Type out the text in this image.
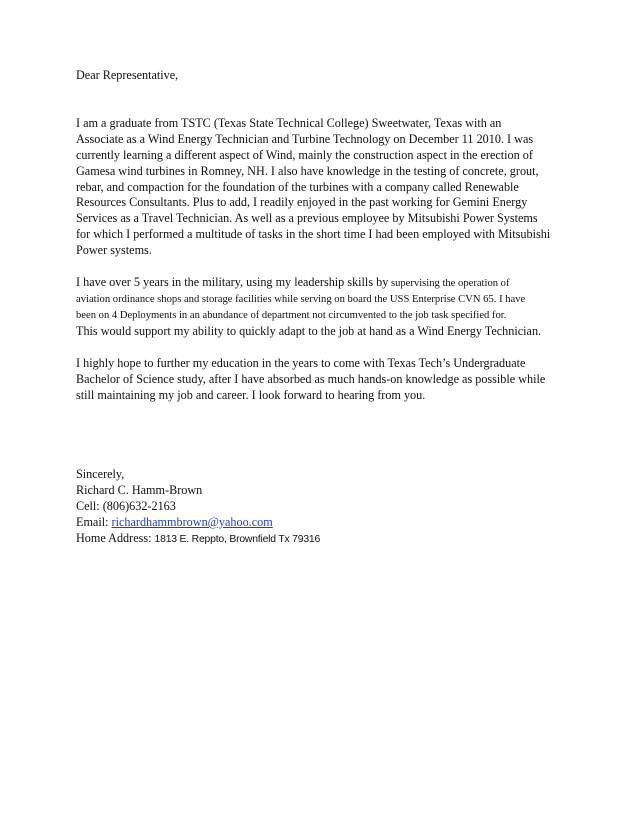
Dear Representative,

I am a graduate from TSTC (Texas State Technical College) Sweetwater, Texas with an
Associate as a Wind Energy Technician and Turbine Technology on December 11 2010. I was
currently learning a different aspect of Wind, mainly the construction aspect in the erection of
Gamesa wind turbines in Romney, NH. I also have knowledge in the testing of concrete, grout,
rebar, and compaction for the foundation of the turbines with a company called Renewable
Resources Consultants. Plus to add, I readily enjoyed in the past working for Gemini Energy
Services as a Travel Technician. As well as a previous employee by Mitsubishi Power Systems
for which I performed a multitude of tasks in the short time I had been employed with Mitsubishi
Power systems.

I have over 5 years in the military, using my leadership skills by supervising the operation of
aviation ordinance shops and storage facilities while serving on board the USS Enterprise CVN 65. I have
been on 4 Deployments in an abundance of department not circumvented to the job task specified for.
This would support my ability to quickly adapt to the job at hand as a Wind Energy Technician.

I highly hope to further my education in the years to come with Texas Tech’s Undergraduate
Bachelor of Science study, after I have absorbed as much hands-on knowledge as possible while
still maintaining my job and career. I look forward to hearing from you.

Sincerely,
Richard C. Hamm-Brown
Cell: (806)632-2163
Email: richardhammbrown@yahoo.com
Home Address: 1813 E. Reppto, Brownfield Tx 79316
